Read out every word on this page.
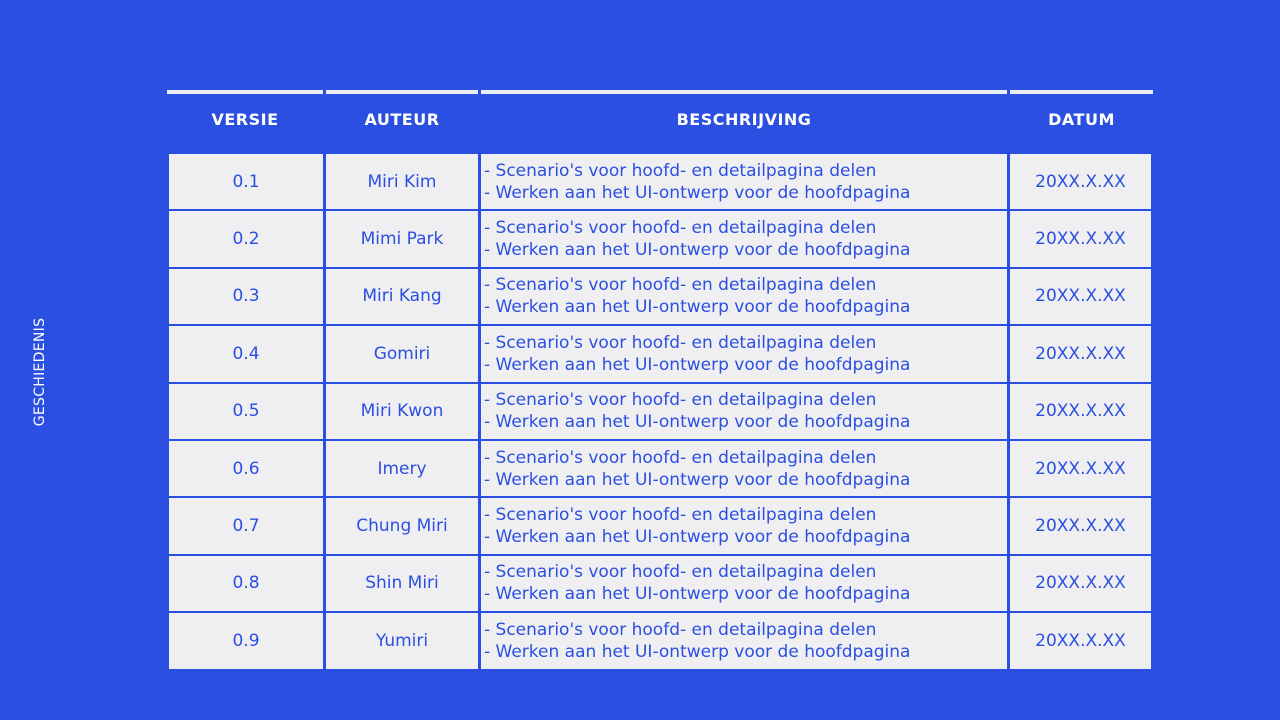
GESCHIEDENIS
VERSIE
0.1
0.2
0.3
0.4
0.5
0.6
0.7
0.8
0.9
AUTEUR
Miri Kim
Mimi Park
Miri Kang
Gomiri
Miri Kwon
Imery
Chung Miri
Shin Miri
Yumiri
BESCHRIJVING
- Scenario's voor hoofd- en detailpagina delen
- Werken aan het UI-ontwerp voor de hoofdpagina
- Scenario's voor hoofd- en detailpagina delen
- Werken aan het UI-ontwerp voor de hoofdpagina
- Scenario's voor hoofd- en detailpagina delen
- Werken aan het UI-ontwerp voor de hoofdpagina
- Scenario's voor hoofd- en detailpagina delen
- Werken aan het UI-ontwerp voor de hoofdpagina
- Scenario's voor hoofd- en detailpagina delen
- Werken aan het UI-ontwerp voor de hoofdpagina
- Scenario's voor hoofd- en detailpagina delen
- Werken aan het UI-ontwerp voor de hoofdpagina
- Scenario's voor hoofd- en detailpagina delen
- Werken aan het UI-ontwerp voor de hoofdpagina
- Scenario's voor hoofd- en detailpagina delen
- Werken aan het UI-ontwerp voor de hoofdpagina
- Scenario's voor hoofd- en detailpagina delen
- Werken aan het UI-ontwerp voor de hoofdpagina
DATUM
20XX.X.XX
20XX.X.XX
20XX.X.XX
20XX.X.XX
20XX.X.XX
20XX.X.XX
20XX.X.XX
20XX.X.XX
20XX.X.XX
